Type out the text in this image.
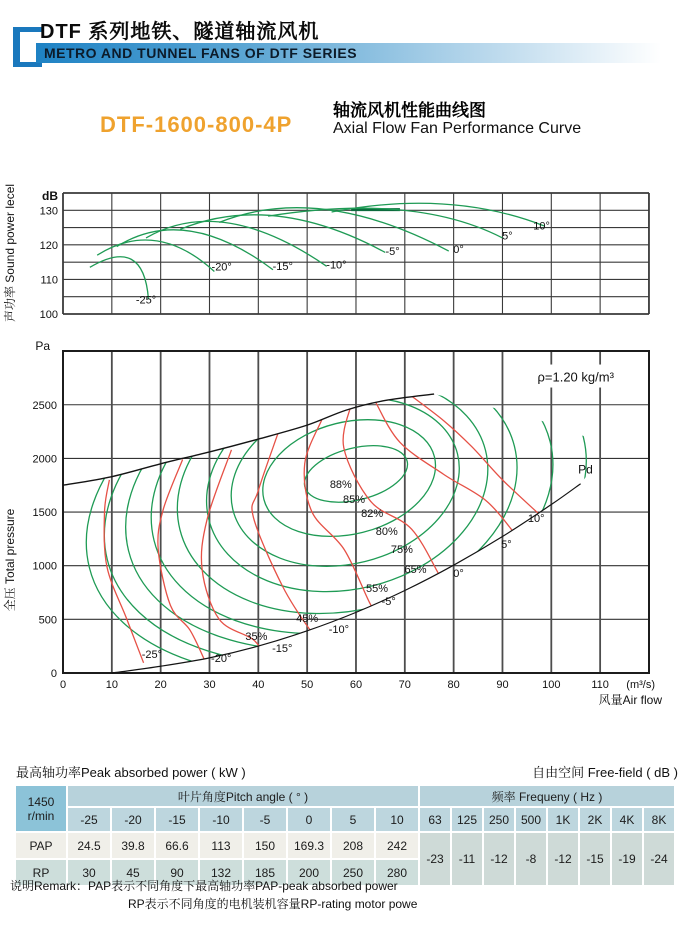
DTF 系列地铁、隧道轴流风机
METRO AND TUNNEL FANS OF DTF SERIES
DTF-1600-800-4P
轴流风机性能曲线图
Axial Flow Fan Performance Curve
130
120
110
100
dB
-25°
-20°	-15°	-10°
-5°	0°
5°
10°
声功率 Sound power lecel
ρ=1.20 kg/m³
Pd
88%
85%
82%
80%
75%
65%
55%
45%
35%
-25°	-20°
-15°
-10°
-5°
0°
5°
10°
0	10	20	30	40	50	60	70	80	90	100	110 (m³/s)
风量Air flow
0
500
1000
1500
2000
2500
Pa
全压 Total pressure
最高轴功率Peak absorbed power ( kW )	自由空间 Free-field ( dB )
1450
r/min	叶片角度Pitch angle ( ° )								频率 Frequeny ( Hz )							
	-25	-20	-15	-10	-5	0	5	10	63	125	250	500	1K	2K	4K	8K
PAP	24.5	39.8	66.6	113	150	169.3	208	242	-23	-11	-12	-8	-12	-15	-19	-24
RP	30	45	90	132	185	200	250	280								
说明Remark：PAP表示不同角度下最高轴功率PAP-peak absorbed power
RP表示不同角度的电机装机容量RP-rating motor powe
